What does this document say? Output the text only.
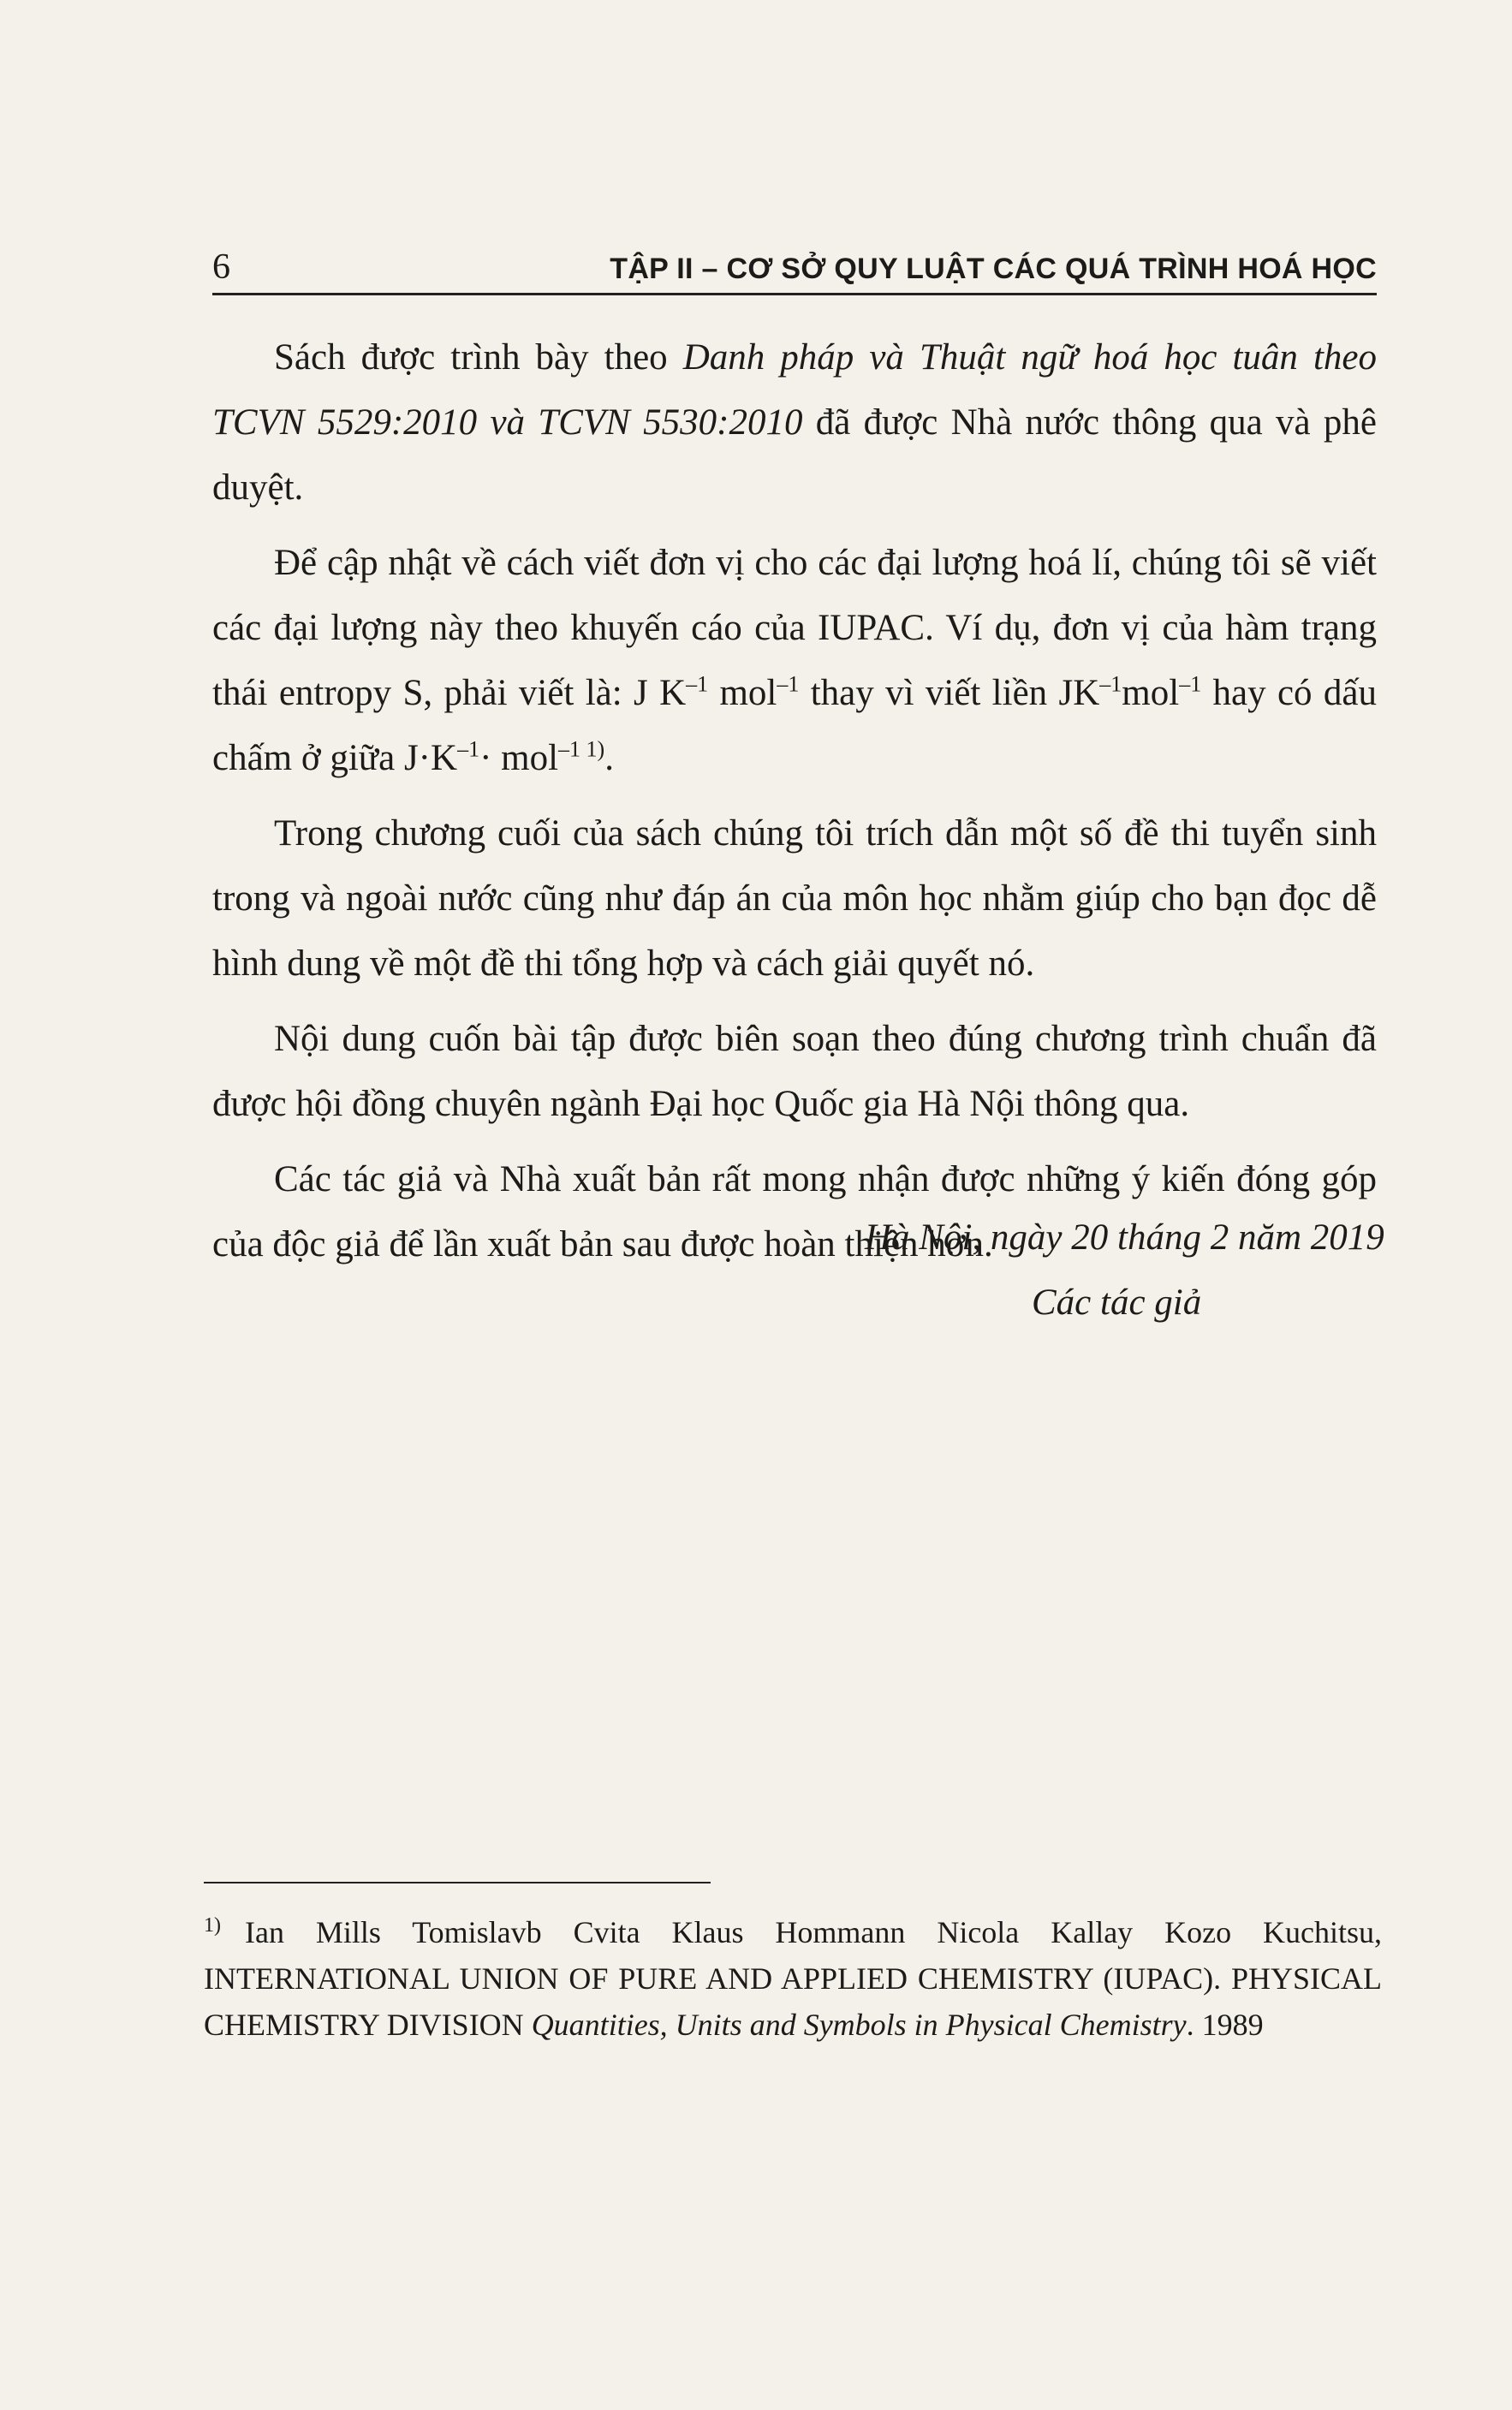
6	TẬP II – CƠ SỞ QUY LUẬT CÁC QUÁ TRÌNH HOÁ HỌC

Sách được trình bày theo Danh pháp và Thuật ngữ hoá học tuân theo TCVN 5529:2010 và TCVN 5530:2010 đã được Nhà nước thông qua và phê duyệt.

Để cập nhật về cách viết đơn vị cho các đại lượng hoá lí, chúng tôi sẽ viết các đại lượng này theo khuyến cáo của IUPAC. Ví dụ, đơn vị của hàm trạng thái entropy S, phải viết là: J $K^{-1}$ mol$^{-1}$ thay vì viết liền $JK^{-1}mol^{-1}$ hay có dấu chấm ở giữa $J\cdot K^{-1}\cdot mol^{-1 1)}$.

Trong chương cuối của sách chúng tôi trích dẫn một số đề thi tuyển sinh trong và ngoài nước cũng như đáp án của môn học nhằm giúp cho bạn đọc dễ hình dung về một đề thi tổng hợp và cách giải quyết nó.

Nội dung cuốn bài tập được biên soạn theo đúng chương trình chuẩn đã được hội đồng chuyên ngành Đại học Quốc gia Hà Nội thông qua.

Các tác giả và Nhà xuất bản rất mong nhận được những ý kiến đóng góp của độc giả để lần xuất bản sau được hoàn thiện hơn.

Hà Nội, ngày 20 tháng 2 năm 2019
Các tác giả
$^{1)}$ Ian Mills Tomislavb Cvita Klaus Hommann Nicola Kallay Kozo Kuchitsu, INTERNATIONAL UNION OF PURE AND APPLIED CHEMISTRY (IUPAC). PHYSICAL CHEMISTRY DIVISION Quantities, Units and Symbols in Physical Chemistry. 1989
